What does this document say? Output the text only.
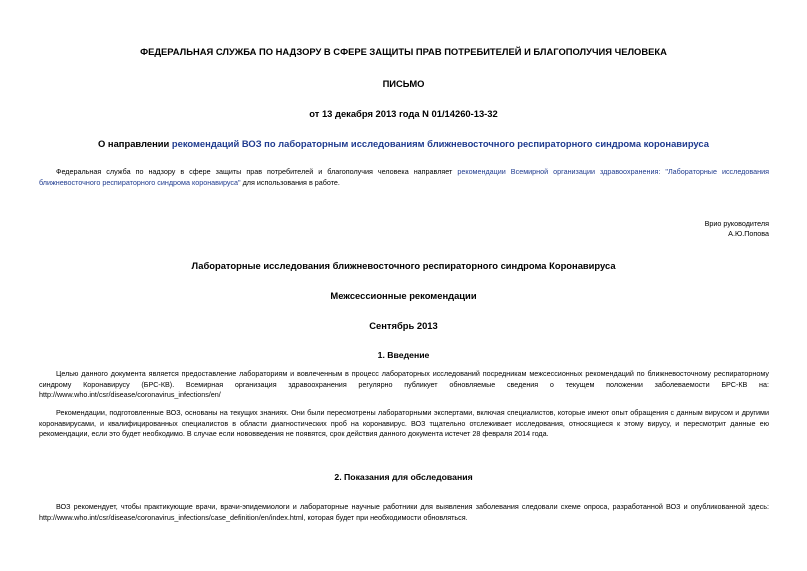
ФЕДЕРАЛЬНАЯ СЛУЖБА ПО НАДЗОРУ В СФЕРЕ ЗАЩИТЫ ПРАВ ПОТРЕБИТЕЛЕЙ И БЛАГОПОЛУЧИЯ ЧЕЛОВЕКА
ПИСЬМО
от 13 декабря 2013 года N 01/14260-13-32
О направлении рекомендаций ВОЗ по лабораторным исследованиям ближневосточного респираторного синдрома коронавируса
Федеральная служба по надзору в сфере защиты прав потребителей и благополучия человека направляет рекомендации Всемирной организации здравоохранения: "Лабораторные исследования ближневосточного респираторного синдрома коронавируса" для использования в работе.
Врио руководителя
А.Ю.Попова
Лабораторные исследования ближневосточного респираторного синдрома Коронавируса
Межсессионные рекомендации
Сентябрь 2013
1. Введение
Целью данного документа является предоставление лабораториям и вовлеченным в процесс лабораторных исследований посредникам межсессионных рекомендаций по ближневосточному респираторному синдрому Коронавирусу (БРС-КВ). Всемирная организация здравоохранения регулярно публикует обновляемые сведения о текущем положении заболеваемости БРС-КВ на: http://www.who.int/csr/disease/coronavirus_infections/en/
Рекомендации, подготовленные ВОЗ, основаны на текущих знаниях. Они были пересмотрены лабораторными экспертами, включая специалистов, которые имеют опыт обращения с данным вирусом и другими коронавирусами, и квалифицированных специалистов в области диагностических проб на коронавирус. ВОЗ тщательно отслеживает исследования, относящиеся к этому вирусу, и пересмотрит данные ею рекомендации, если это будет необходимо. В случае если нововведения не появятся, срок действия данного документа истечет 28 февраля 2014 года.
2. Показания для обследования
ВОЗ рекомендует, чтобы практикующие врачи, врачи-эпидемиологи и лабораторные научные работники для выявления заболевания следовали схеме опроса, разработанной ВОЗ и опубликованной здесь: http://www.who.int/csr/disease/coronavirus_infections/case_definition/en/index.html, которая будет при необходимости обновляться.
